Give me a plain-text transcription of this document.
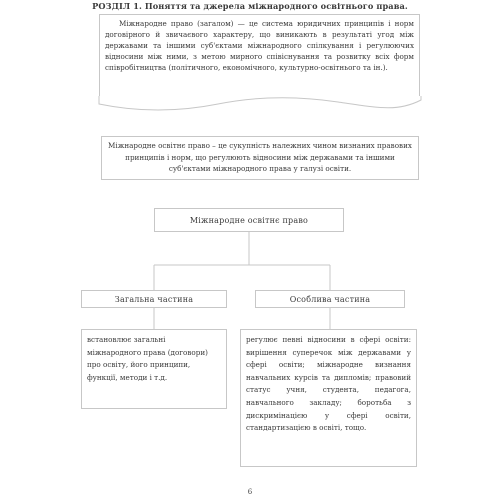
РОЗДІЛ 1. Поняття та джерела міжнародного освітнього права.

Міжнародне право (загалом) — це система юридичних принципів і норм договірного й звичаєвого характеру, що виникають в результаті угод між державами та іншими суб'єктами міжнародного спілкування і регулюючих відносини між ними, з метою мирного співіснування та розвитку всіх форм співробітництва (політичного, економічного, культурно-освітнього та ін.).

Міжнародне освітнє право – це сукупність належних чином визнаних правових принципів і норм, що регулюють відносини між державами та іншими суб'єктами міжнародного права у галузі освіти.

Міжнародне освітнє право
Загальна частина	Особлива частина

встановлює загальні міжнародного права (договори) про освіту, його принципи, функції, методи і т.д.

регулює певні відносини в сфері освіти: вирішення суперечок між державами у сфері освіти; міжнародне визнання навчальних курсів та дипломів; правовий статус учня, студента, педагога, навчального закладу; боротьба з дискримінацією у сфері освіти, стандартизацією в освіті, тощо.

6
